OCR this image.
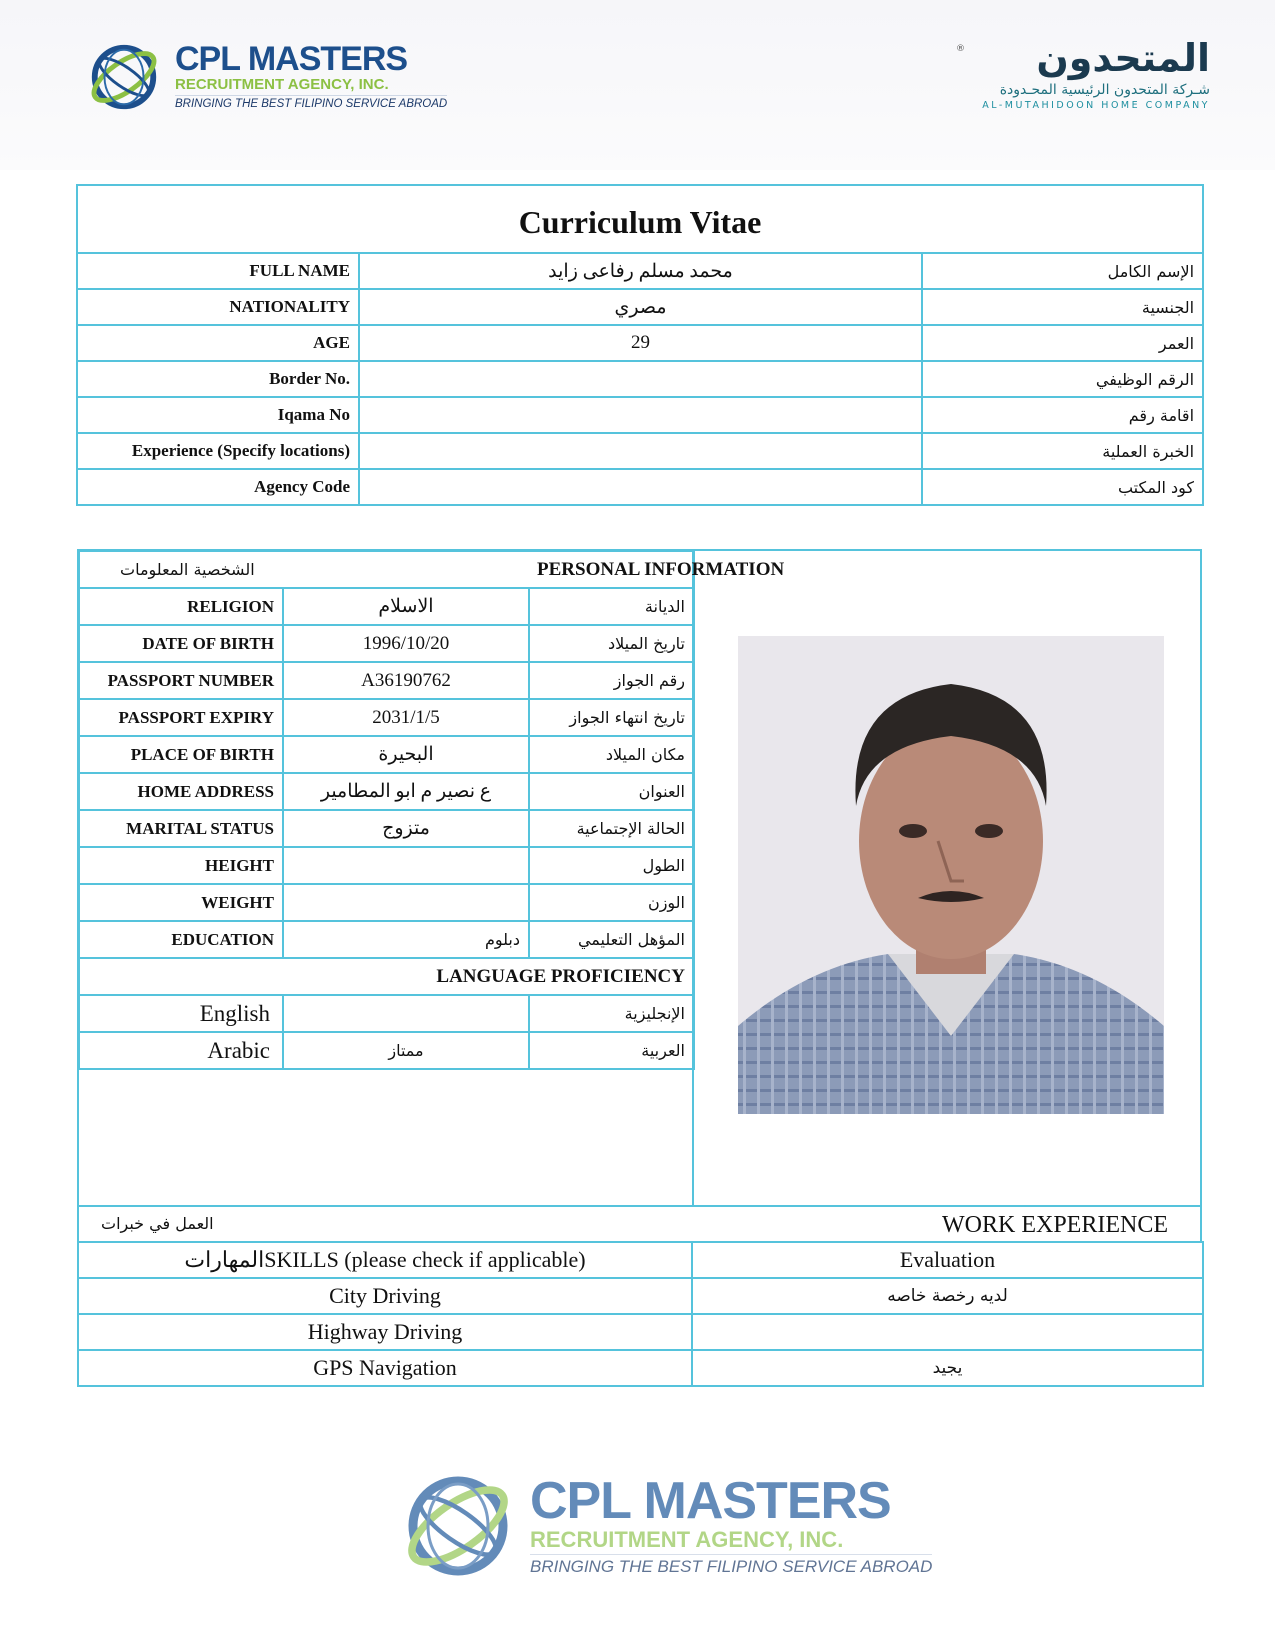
CPL MASTERS
RECRUITMENT AGENCY, INC.
BRINGING THE BEST FILIPINO SERVICE ABROAD
®	المتحدون
شـركة المتحدون الرئيسية المحـدودة
AL-MUTAHIDOON HOME COMPANY
Curriculum Vitae		
FULL NAME	محمد مسلم رفاعى زايد	الإسم الكامل
NATIONALITY	مصري	الجنسية
AGE	29	العمر
Border No.		الرقم الوظيفي
Iqama No		اقامة رقم
Experience (Specify locations)		الخبرة العملية
Agency Code		كود المكتب
الشخصية المعلومات		PERSONAL INFORMATION

RELIGION	الاسلام	الديانة
DATE OF BIRTH	1996/10/20	تاريخ الميلاد
PASSPORT NUMBER	A36190762	رقم الجواز
PASSPORT EXPIRY	2031/1/5	تاريخ انتهاء الجواز
PLACE OF BIRTH	البحيرة	مكان الميلاد
HOME ADDRESS	ع نصير م ابو المطامير	العنوان
MARITAL STATUS	متزوج	الحالة الإجتماعية
HEIGHT		الطول
WEIGHT		الوزن
EDUCATION	دبلوم	المؤهل التعليمي
LANGUAGE PROFICIENCY		
English		الإنجليزية
Arabic	ممتاز	العربية
العمل في خبرات	WORK EXPERIENCE
المهاراتSKILLS (please check if applicable)	Evaluation
City Driving	لديه رخصة خاصه
Highway Driving	
GPS Navigation	يجيد
CPL MASTERS
RECRUITMENT AGENCY, INC.
BRINGING THE BEST FILIPINO SERVICE ABROAD
